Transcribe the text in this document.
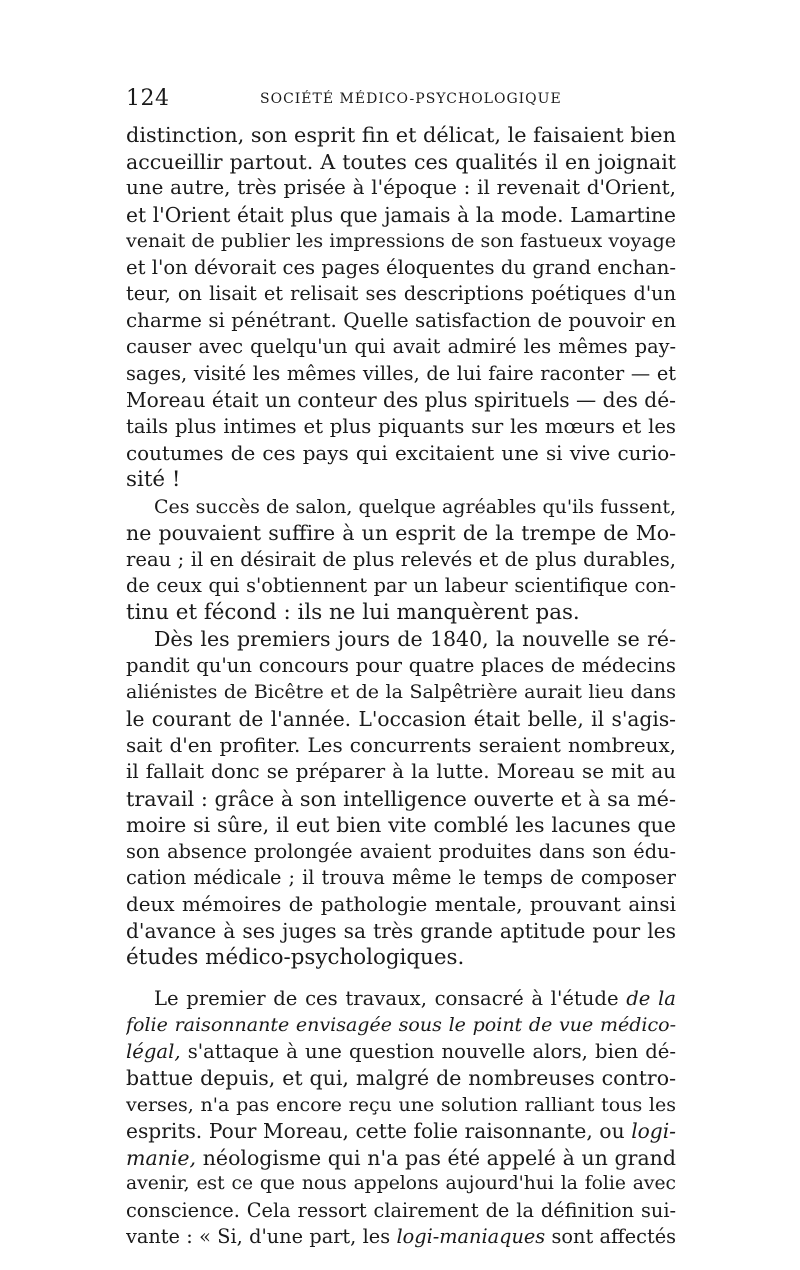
124	SOCIÉTÉ MÉDICO-PSYCHOLOGIQUE
distinction, son esprit fin et délicat, le faisaient bien
accueillir partout. A toutes ces qualités il en joignait
une autre, très prisée à l'époque : il revenait d'Orient,
et l'Orient était plus que jamais à la mode. Lamartine
venait de publier les impressions de son fastueux voyage
et l'on dévorait ces pages éloquentes du grand enchan-
teur, on lisait et relisait ses descriptions poétiques d'un
charme si pénétrant. Quelle satisfaction de pouvoir en
causer avec quelqu'un qui avait admiré les mêmes pay-
sages, visité les mêmes villes, de lui faire raconter — et
Moreau était un conteur des plus spirituels — des dé-
tails plus intimes et plus piquants sur les mœurs et les
coutumes de ces pays qui excitaient une si vive curio-
sité !
Ces succès de salon, quelque agréables qu'ils fussent,
ne pouvaient suffire à un esprit de la trempe de Mo-
reau ; il en désirait de plus relevés et de plus durables,
de ceux qui s'obtiennent par un labeur scientifique con-
tinu et fécond : ils ne lui manquèrent pas.
Dès les premiers jours de 1840, la nouvelle se ré-
pandit qu'un concours pour quatre places de médecins
aliénistes de Bicêtre et de la Salpêtrière aurait lieu dans
le courant de l'année. L'occasion était belle, il s'agis-
sait d'en profiter. Les concurrents seraient nombreux,
il fallait donc se préparer à la lutte. Moreau se mit au
travail : grâce à son intelligence ouverte et à sa mé-
moire si sûre, il eut bien vite comblé les lacunes que
son absence prolongée avaient produites dans son édu-
cation médicale ; il trouva même le temps de composer
deux mémoires de pathologie mentale, prouvant ainsi
d'avance à ses juges sa très grande aptitude pour les
études médico-psychologiques.
Le premier de ces travaux, consacré à l'étude de la
folie raisonnante envisagée sous le point de vue médico-
légal, s'attaque à une question nouvelle alors, bien dé-
battue depuis, et qui, malgré de nombreuses contro-
verses, n'a pas encore reçu une solution ralliant tous les
esprits. Pour Moreau, cette folie raisonnante, ou logi-
manie, néologisme qui n'a pas été appelé à un grand
avenir, est ce que nous appelons aujourd'hui la folie avec
conscience. Cela ressort clairement de la définition sui-
vante : « Si, d'une part, les logi-maniaques sont affectés
